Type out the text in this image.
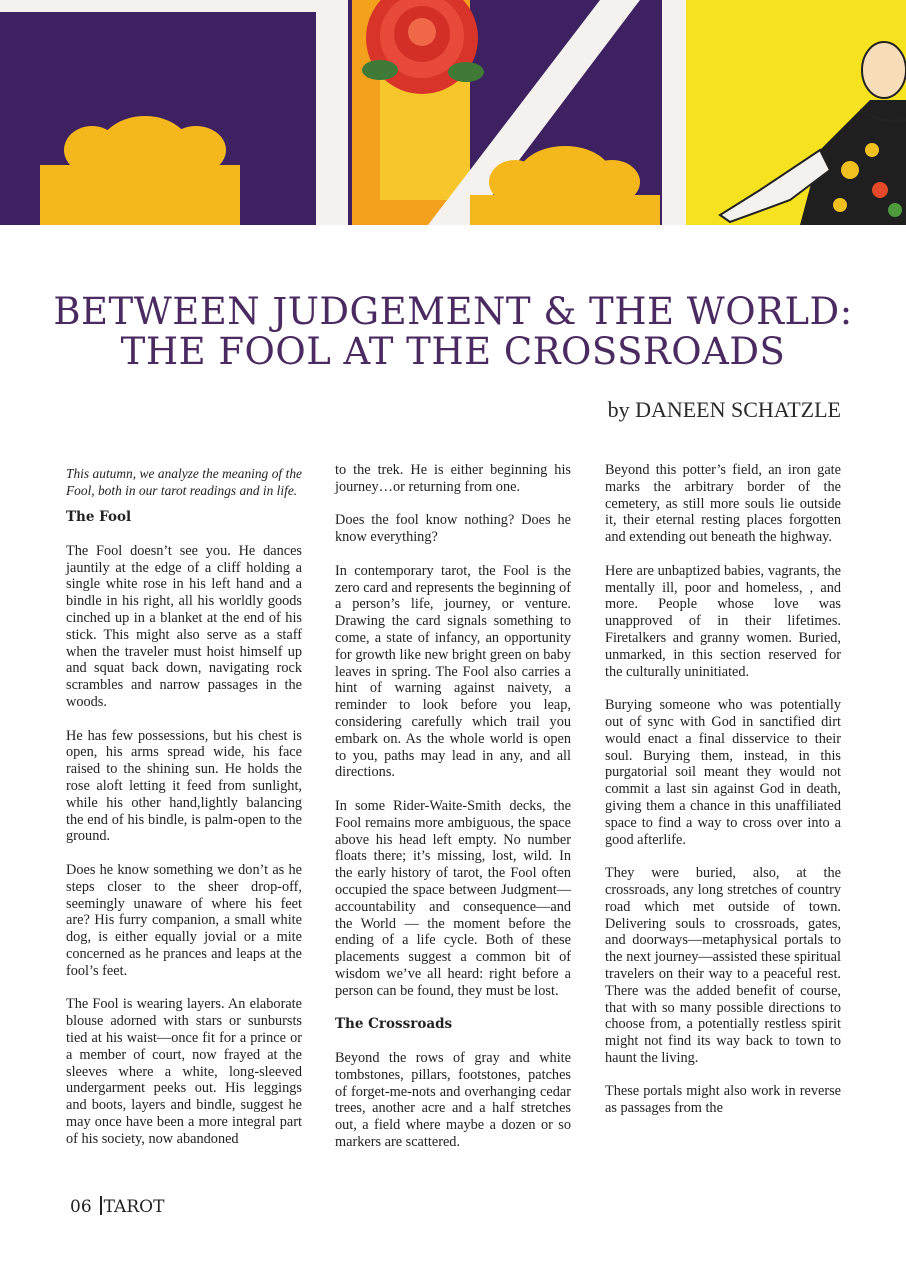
BETWEEN JUDGEMENT & THE WORLD:
THE FOOL AT THE CROSSROADS
by DANEEN SCHATZLE

This autumn, we analyze the meaning of the Fool, both in our tarot readings and in life.

The Fool

The Fool doesn’t see you. He dances jauntily at the edge of a cliff holding a single white rose in his left hand and a bindle in his right, all his worldly goods cinched up in a blanket at the end of his stick. This might also serve as a staff when the traveler must hoist himself up and squat back down, navigating rock scrambles and narrow passages in the woods.

He has few possessions, but his chest is open, his arms spread wide, his face raised to the shining sun. He holds the rose aloft letting it feed from sunlight, while his other hand,lightly balancing the end of his bindle, is palm-open to the ground.

Does he know something we don’t as he steps closer to the sheer drop-off, seemingly unaware of where his feet are? His furry companion, a small white dog, is either equally jovial or a mite concerned as he prances and leaps at the fool’s feet.

The Fool is wearing layers. An elaborate blouse adorned with stars or sunbursts tied at his waist—once fit for a prince or a member of court, now frayed at the sleeves where a white, long-sleeved undergarment peeks out. His leggings and boots, layers and bindle, suggest he may once have been a more integral part of his society, now abandoned

to the trek. He is either beginning his journey…or returning from one.

Does the fool know nothing? Does he know everything?

In contemporary tarot, the Fool is the zero card and represents the beginning of a person’s life, journey, or venture. Drawing the card signals something to come, a state of infancy, an opportunity for growth like new bright green on baby leaves in spring. The Fool also carries a hint of warning against naivety, a reminder to look before you leap, considering carefully which trail you embark on. As the whole world is open to you, paths may lead in any, and all directions.

In some Rider-Waite-Smith decks, the Fool remains more ambiguous, the space above his head left empty. No number floats there; it’s missing, lost, wild. In the early history of tarot, the Fool often occupied the space between Judgment—accountability and consequence—and the World — the moment before the ending of a life cycle. Both of these placements suggest a common bit of wisdom we’ve all heard: right before a person can be found, they must be lost.

The Crossroads

Beyond the rows of gray and white tombstones, pillars, footstones, patches of forget-me-nots and overhanging cedar trees, another acre and a half stretches out, a field where maybe a dozen or so markers are scattered.

Beyond this potter’s field, an iron gate marks the arbitrary border of the cemetery, as still more souls lie outside it, their eternal resting places forgotten and extending out beneath the highway.

Here are unbaptized babies, vagrants, the mentally ill, poor and homeless, , and more. People whose love was unapproved of in their lifetimes. Firetalkers and granny women. Buried, unmarked, in this section reserved for the culturally uninitiated.

Burying someone who was potentially out of sync with God in sanctified dirt would enact a final disservice to their soul. Burying them, instead, in this purgatorial soil meant they would not commit a last sin against God in death, giving them a chance in this unaffiliated space to find a way to cross over into a good afterlife.

They were buried, also, at the crossroads, any long stretches of country road which met outside of town. Delivering souls to crossroads, gates, and doorways—metaphysical portals to the next journey—assisted these spiritual travelers on their way to a peaceful rest. There was the added benefit of course, that with so many possible directions to choose from, a potentially restless spirit might not find its way back to town to haunt the living.

These portals might also work in reverse as passages from the

06 TAROT
